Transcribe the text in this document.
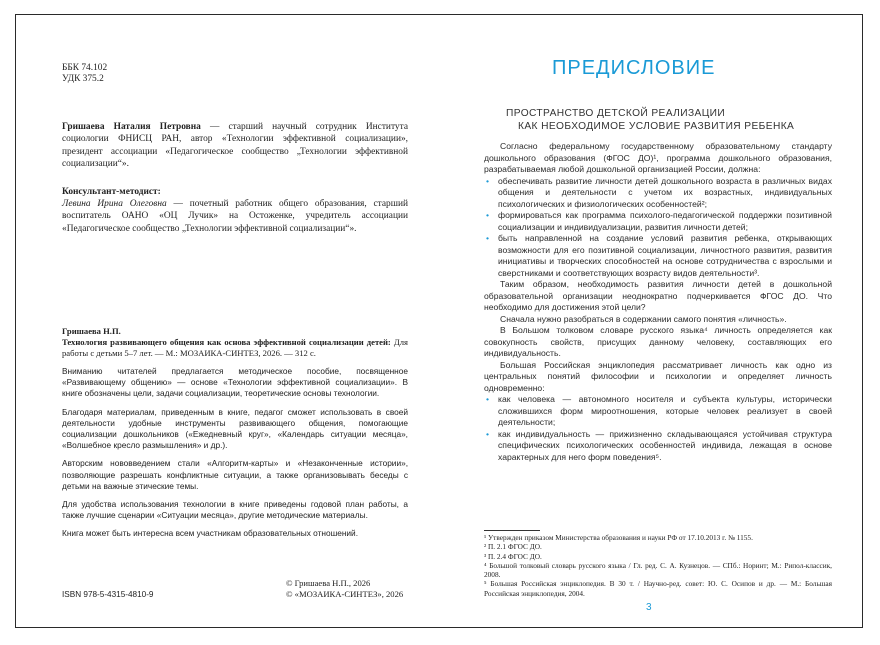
ББК 74.102
УДК 375.2
Гришаева Наталия Петровна — старший научный сотрудник Института социологии ФНИСЦ РАН, автор «Технологии эффективной социализации», президент ассоциации «Педагогическое сообщество „Технологии эффективной социализации“».
Консультант-методист:
Левина Ирина Олеговна — почетный работник общего образования, старший воспитатель ОАНО «ОЦ Лучик» на Остоженке, учредитель ассоциации «Педагогическое сообщество „Технологии эффективной социализации“».
Гришаева Н.П.
Технология развивающего общения как основа эффективной социализации детей: Для работы с детьми 5–7 лет. — М.: МОЗАИКА-СИНТЕЗ, 2026. — 312 с.

Вниманию читателей предлагается методическое пособие, посвященное «Развивающему общению» — основе «Технологии эффективной социализации». В книге обозначены цели, задачи социализации, теоретические основы технологии.

Благодаря материалам, приведенным в книге, педагог сможет использовать в своей деятельности удобные инструменты развивающего общения, помогающие социализации дошкольников («Ежедневный круг», «Календарь ситуации месяца», «Волшебное кресло размышления» и др.).

Авторским нововведением стали «Алгоритм-карты» и «Незаконченные истории», позволяющие разрешать конфликтные ситуации, а также организовывать беседы с детьми на важные этические темы.

Для удобства использования технологии в книге приведены годовой план работы, а также лучшие сценарии «Ситуации месяца», другие методические материалы.

Книга может быть интересна всем участникам образовательных отношений.

ISBN 978-5-4315-4810-9
© Гришаева Н.П., 2026
© «МОЗАИКА-СИНТЕЗ», 2026
ПРЕДИСЛОВИЕ
ПРОСТРАНСТВО ДЕТСКОЙ РЕАЛИЗАЦИИ
КАК НЕОБХОДИМОЕ УСЛОВИЕ РАЗВИТИЯ РЕБЕНКА

Согласно федеральному государственному образовательному стандарту дошкольного образования (ФГОС ДО)¹, программа дошкольного образования, разрабатываемая любой дошкольной организацией России, должна:

• обеспечивать развитие личности детей дошкольного возраста в различных видах общения и деятельности с учетом их возрастных, индивидуальных психологических и физиологических особенностей²;
• формироваться как программа психолого-педагогической поддержки позитивной социализации и индивидуализации, развития личности детей;
• быть направленной на создание условий развития ребенка, открывающих возможности для его позитивной социализации, личностного развития, развития инициативы и творческих способностей на основе сотрудничества с взрослыми и сверстниками и соответствующих возрасту видов деятельности³.

Таким образом, необходимость развития личности детей в дошкольной образовательной организации неоднократно подчеркивается ФГОС ДО. Что необходимо для достижения этой цели?

Сначала нужно разобраться в содержании самого понятия «личность».

В Большом толковом словаре русского языка⁴ личность определяется как совокупность свойств, присущих данному человеку, составляющих его индивидуальность.

Большая Российская энциклопедия рассматривает личность как одно из центральных понятий философии и психологии и определяет личность одновременно:

• как человека — автономного носителя и субъекта культуры, исторически сложившихся форм мироотношения, которые человек реализует в своей деятельности;
• как индивидуальность — прижизненно складывающаяся устойчивая структура специфических психологических особенностей индивида, лежащая в основе характерных для него форм поведения⁵.

¹ Утвержден приказом Министерства образования и науки РФ от 17.10.2013 г. № 1155.

² П. 2.1 ФГОС ДО.

³ П. 2.4 ФГОС ДО.

⁴ Большой толковый словарь русского языка / Гл. ред. С. А. Кузнецов. — СПб.: Норинт; М.: Рипол-классик, 2008.

⁵ Большая Российская энциклопедия. В 30 т. / Научно-ред. совет: Ю. С. Осипов и др. — М.: Большая Российская энциклопедия, 2004.

3
